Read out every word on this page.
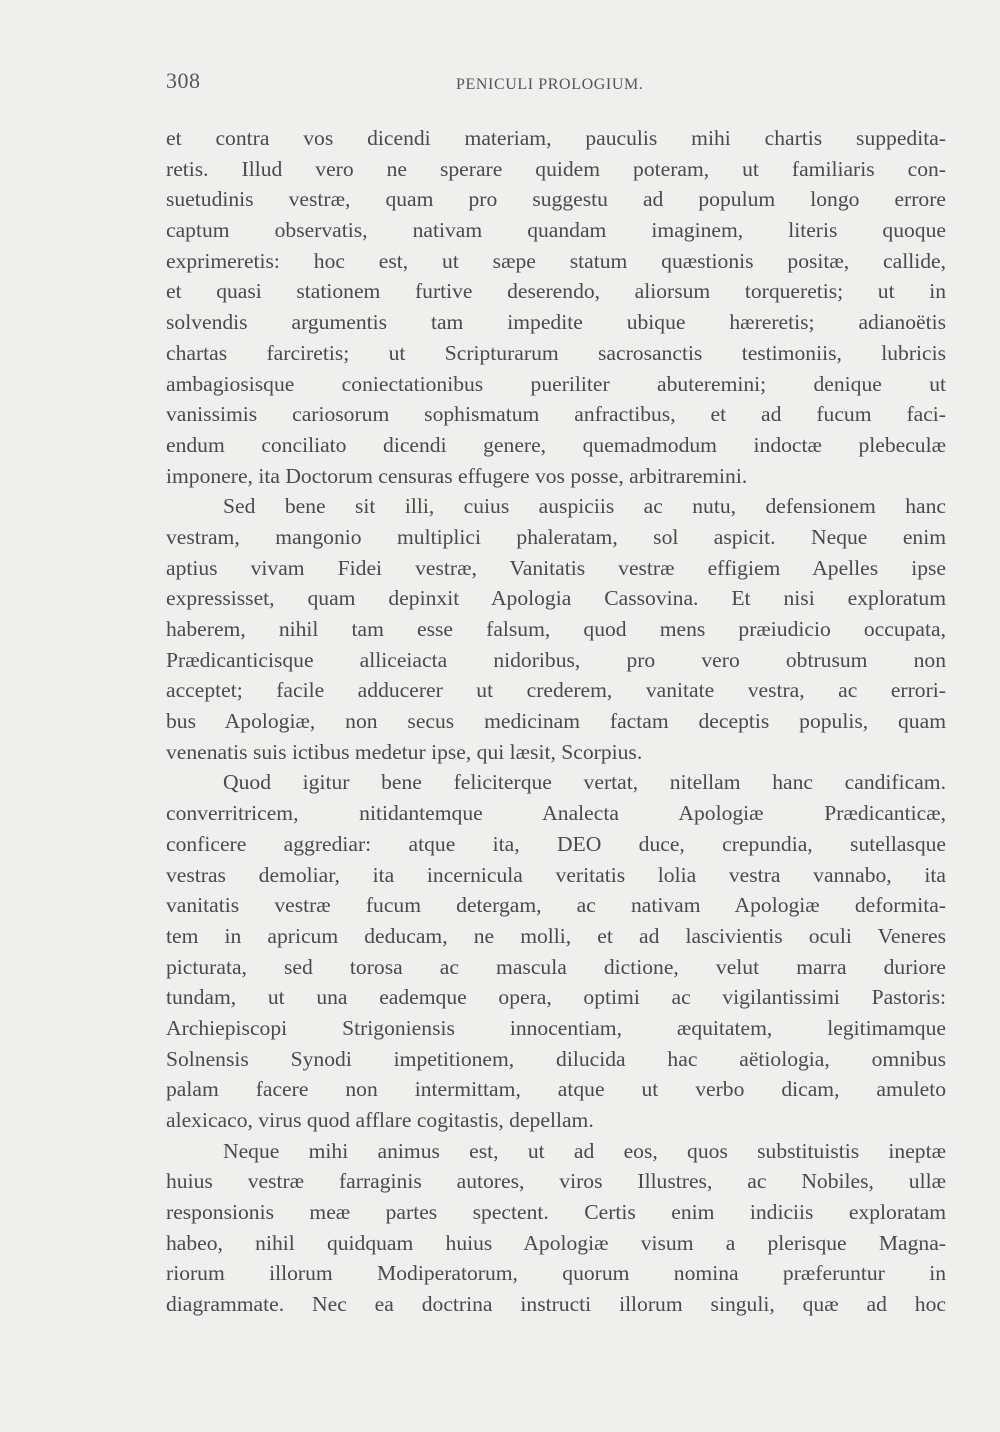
308	PENICULI PROLOGIUM.
et contra vos dicendi materiam, pauculis mihi chartis suppedita-
retis. Illud vero ne sperare quidem poteram, ut familiaris con-
suetudinis vestræ, quam pro suggestu ad populum longo errore
captum observatis, nativam quandam imaginem, literis quoque
exprimeretis: hoc est, ut sæpe statum quæstionis positæ, callide,
et quasi stationem furtive deserendo, aliorsum torqueretis; ut in
solvendis argumentis tam impedite ubique hæreretis; adianoëtis
chartas farciretis; ut Scripturarum sacrosanctis testimoniis, lubricis
ambagiosisque coniectationibus pueriliter abuteremini; denique ut
vanissimis cariosorum sophismatum anfractibus, et ad fucum faci-
endum conciliato dicendi genere, quemadmodum indoctæ plebeculæ
imponere, ita Doctorum censuras effugere vos posse, arbitraremini.
Sed bene sit illi, cuius auspiciis ac nutu, defensionem hanc
vestram, mangonio multiplici phaleratam, sol aspicit. Neque enim
aptius vivam Fidei vestræ, Vanitatis vestræ effigiem Apelles ipse
expressisset, quam depinxit Apologia Cassovina. Et nisi exploratum
haberem, nihil tam esse falsum, quod mens præiudicio occupata,
Prædicanticisque alliceiacta nidoribus, pro vero obtrusum non
acceptet; facile adducerer ut crederem, vanitate vestra, ac errori-
bus Apologiæ, non secus medicinam factam deceptis populis, quam
venenatis suis ictibus medetur ipse, qui læsit, Scorpius.
Quod igitur bene feliciterque vertat, nitellam hanc candificam.
converritricem, nitidantemque Analecta Apologiæ Prædicanticæ,
conficere aggrediar: atque ita, DEO duce, crepundia, sutellasque
vestras demoliar, ita incernicula veritatis lolia vestra vannabo, ita
vanitatis vestræ fucum detergam, ac nativam Apologiæ deformita-
tem in apricum deducam, ne molli, et ad lascivientis oculi Veneres
picturata, sed torosa ac mascula dictione, velut marra duriore
tundam, ut una eademque opera, optimi ac vigilantissimi Pastoris:
Archiepiscopi Strigoniensis innocentiam, æquitatem, legitimamque
Solnensis Synodi impetitionem, dilucida hac aëtiologia, omnibus
palam facere non intermittam, atque ut verbo dicam, amuleto
alexicaco, virus quod afflare cogitastis, depellam.
Neque mihi animus est, ut ad eos, quos substituistis ineptæ
huius vestræ farraginis autores, viros Illustres, ac Nobiles, ullæ
responsionis meæ partes spectent. Certis enim indiciis exploratam
habeo, nihil quidquam huius Apologiæ visum a plerisque Magna-
riorum illorum Modiperatorum, quorum nomina præferuntur in
diagrammate. Nec ea doctrina instructi illorum singuli, quæ ad hoc
